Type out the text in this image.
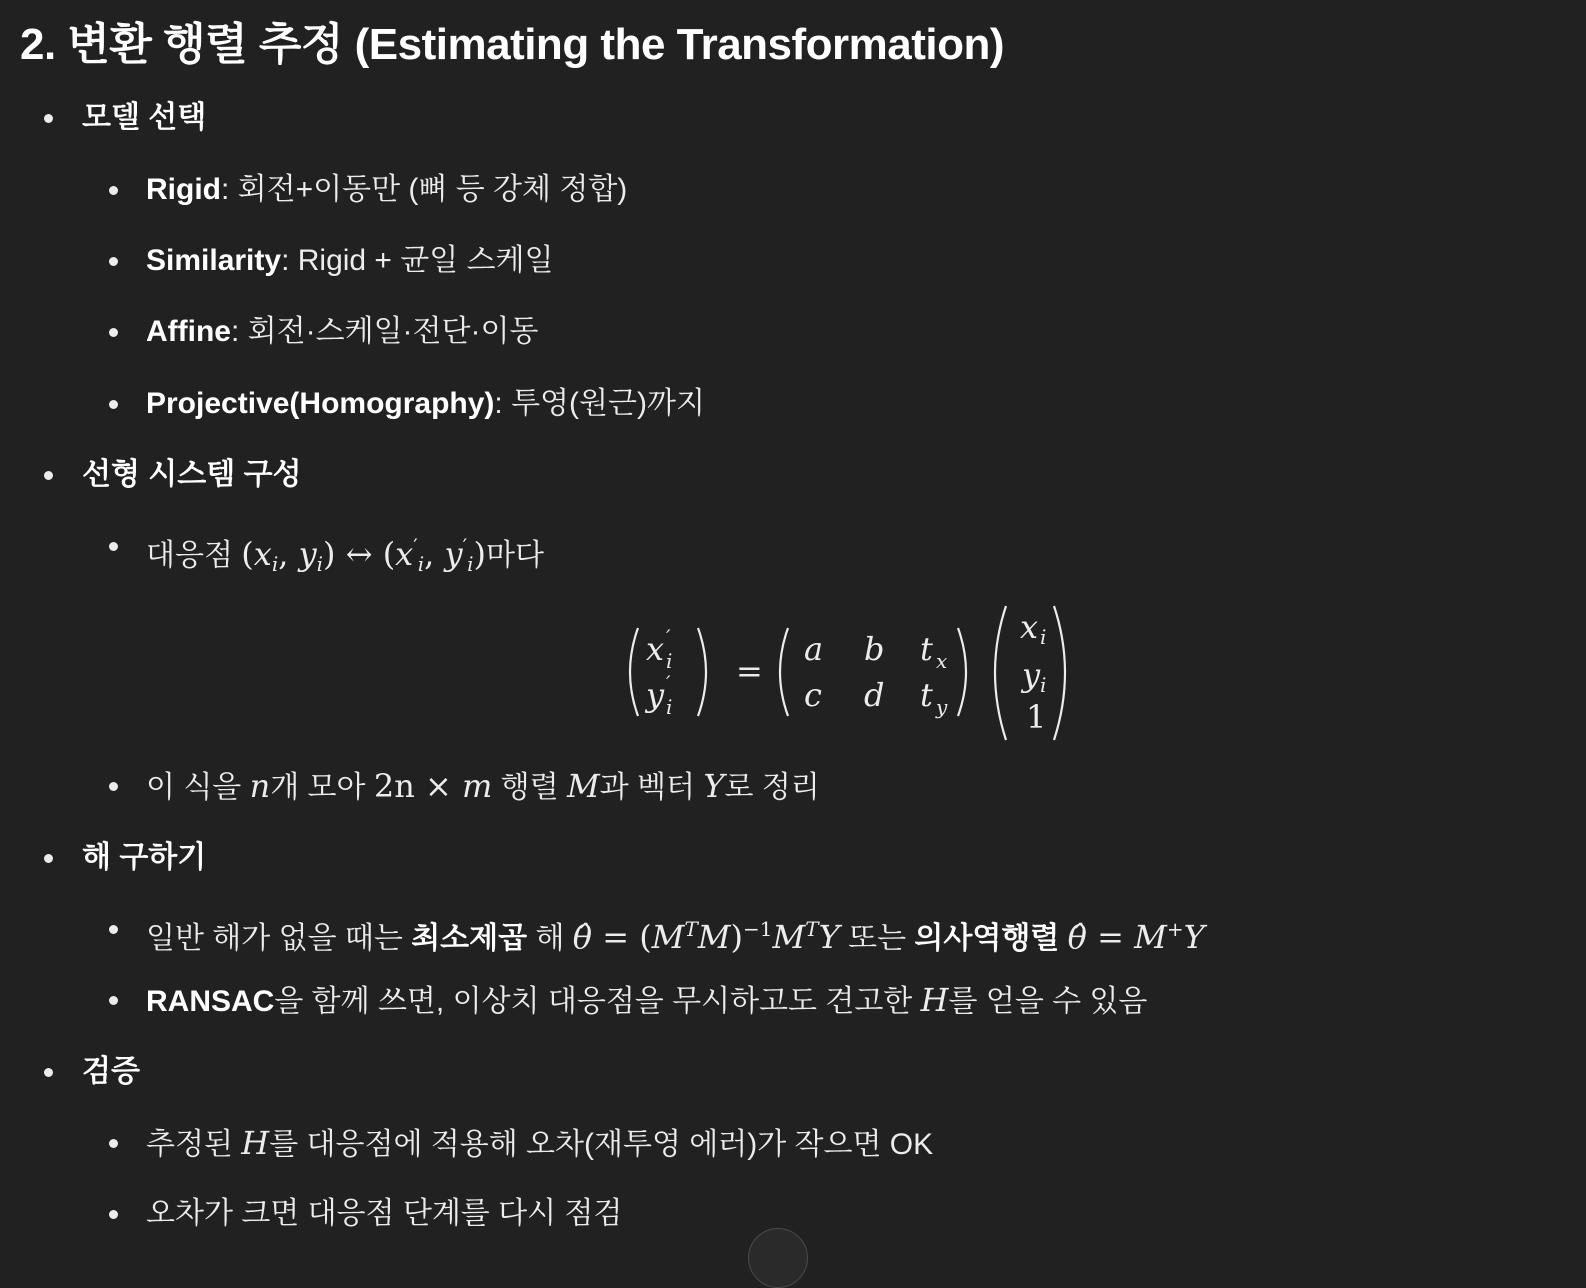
2. 변환 행렬 추정 (Estimating the Transformation)
모델 선택
Rigid: 회전+이동만 (뼈 등 강체 정합)
Similarity: Rigid + 균일 스케일
Affine: 회전·스케일·전단·이동
Projective(Homography): 투영(원근)까지
선형 시스템 구성
대응점 ($x_i$, $y_i$) ↔ ($x'_i$, $y'_i$)마다
x ′
i
y ′
i
=
a b t x
c d t y
x i
y i
1
이 식을 n개 모아 2n × m 행렬 M과 벡터 Y로 정리
해 구하기
일반 해가 없을 때는 최소제곱 해 θ̂ = $(M^TM)^{-1}M^TY$ 또는 의사역행렬 θ̂ = M+Y
RANSAC을 함께 쓰면, 이상치 대응점을 무시하고도 견고한 H를 얻을 수 있음
검증
추정된 H를 대응점에 적용해 오차(재투영 에러)가 작으면 OK
오차가 크면 대응점 단계를 다시 점검
